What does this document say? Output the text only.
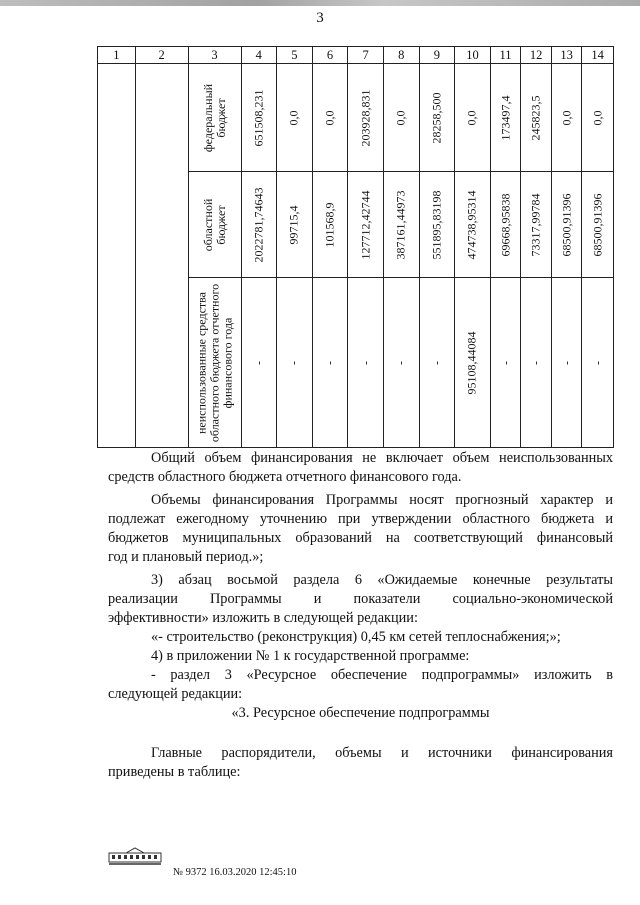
3
1	2	3	4	5	6	7	8	9	10	11	12	13	14

		федеральный бюджет	651508,231	0,0	0,0	203928,831	0,0	28258,500	0,0	173497,4	245823,5	0,0	0,0

		областной бюджет	2022781,74643	99715,4	101568,9	127712,42744	387161,44973	551895,83198	474738,95314	69668,95838	73317,99784	68500,91396	68500,91396

		неиспользованные средства областного бюджета отчетного финансового года	-	-	-	-	-	-	95108,44084	-	-	-	-
Общий объем финансирования не включает объем неиспользованных
средств областного бюджета отчетного финансового года.
Объемы финансирования Программы носят прогнозный характер и
подлежат ежегодному уточнению при утверждении областного бюджета и
бюджетов муниципальных образований на соответствующий финансовый
год и плановый период.»;
3) абзац восьмой раздела 6 «Ожидаемые конечные результаты
реализации Программы и показатели социально-экономической
эффективности» изложить в следующей редакции:
«- строительство (реконструкция) 0,45 км сетей теплоснабжения;»;
4) в приложении № 1 к государственной программе:
- раздел 3 «Ресурсное обеспечение подпрограммы» изложить в
следующей редакции:
«3. Ресурсное обеспечение подпрограммы
Главные распорядители, объемы и источники финансирования
приведены в таблице:
№ 9372 16.03.2020 12:45:10
